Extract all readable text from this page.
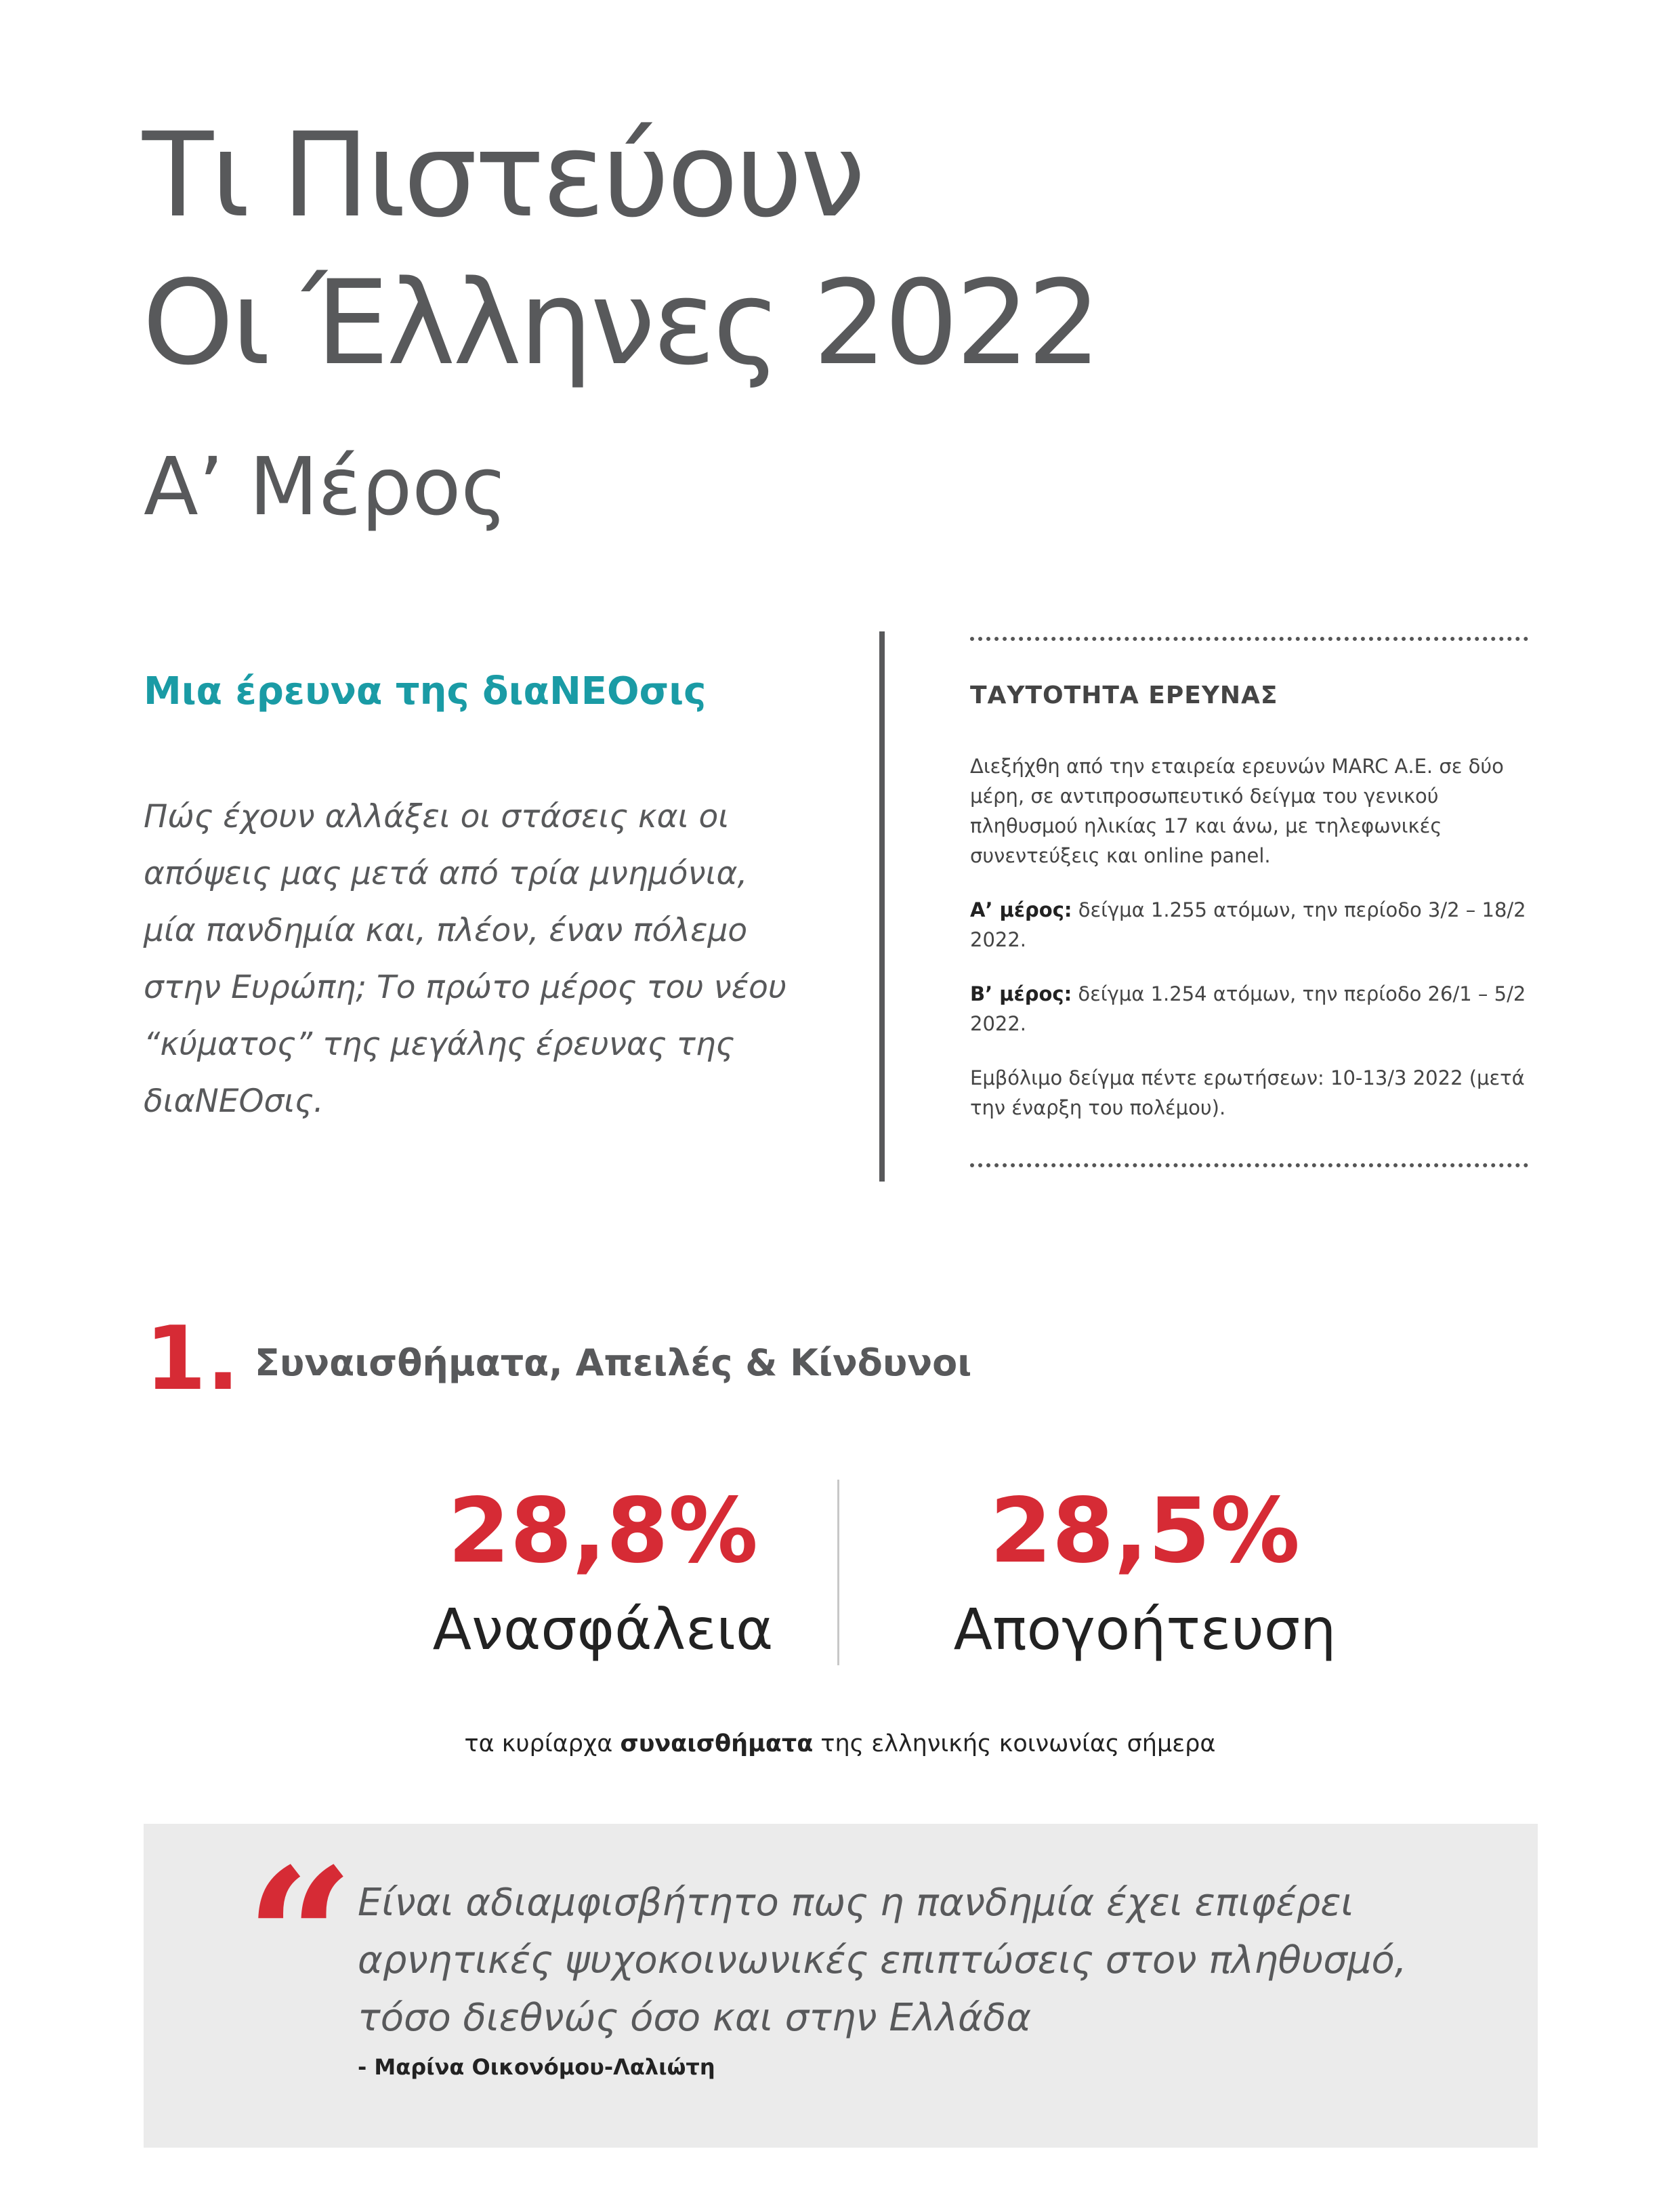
Τι Πιστεύουν
Οι Έλληνες 2022
Α’ Μέρος
Μια έρευνα της διαΝΕΟσις
Πώς έχουν αλλάξει οι στάσεις και οι απόψεις μας μετά από τρία μνημόνια, μία πανδημία και, πλέον, έναν πόλεμο στην Ευρώπη; Το πρώτο μέρος του νέου “κύματος” της μεγάλης έρευνας της διαΝΕΟσις.
ΤΑΥΤΟΤΗΤΑ ΕΡΕΥΝΑΣ

Διεξήχθη από την εταιρεία ερευνών MARC Α.Ε. σε δύο μέρη, σε αντιπροσωπευτικό δείγμα του γενικού πληθυσμού ηλικίας 17 και άνω, με τηλεφωνικές συνεντεύξεις και online panel.

Α’ μέρος: δείγμα 1.255 ατόμων, την περίοδο 3/2 – 18/2 2022.

Β’ μέρος: δείγμα 1.254 ατόμων, την περίοδο 26/1 – 5/2 2022.

Εμβόλιμο δείγμα πέντε ερωτήσεων: 10-13/3 2022 (μετά την έναρξη του πολέμου).

1. Συναισθήματα, Απειλές & Κίνδυνοι
28,8%
Ανασφάλεια
28,5%
Απογοήτευση
τα κυρίαρχα συναισθήματα της ελληνικής κοινωνίας σήμερα
“ Είναι αδιαμφισβήτητο πως η πανδημία έχει επιφέρει αρνητικές ψυχοκοινωνικές επιπτώσεις στον πληθυσμό, τόσο διεθνώς όσο και στην Ελλάδα
- Μαρίνα Οικονόμου-Λαλιώτη
